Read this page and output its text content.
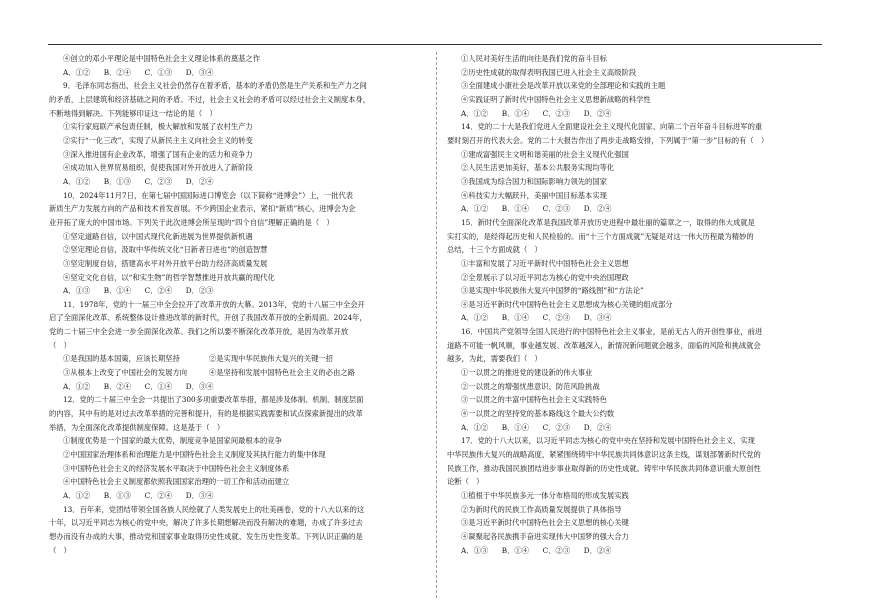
④创立的邓小平理论是中国特色社会主义理论体系的奠基之作
A．①②　 B．②④　 C．①③　 D．③④
9．毛泽东同志指出，社会主义社会仍然存在着矛盾，基本的矛盾仍然是生产关系和生产力之间
的矛盾，上层建筑和经济基础之间的矛盾。不过，社会主义社会的矛盾可以经过社会主义制度本身，
不断地得到解决。下列能够印证这一结论的是（　）
①实行家庭联产承包责任制，极大解放和发展了农村生产力
②实行“一化三改”，实现了从新民主主义向社会主义的转变
③深入推进国有企业改革，增强了国有企业的活力和竞争力
④成功加入世界贸易组织，促使我国对外开放进入了新阶段
A．①②　 B．①③　 C．②③　 D．②④
10．2024年11月7日，在第七届中国国际进口博览会（以下简称“进博会”）上，一批代表
新质生产力发展方向的产品和技术首发首展。不少跨国企业表示，紧扣“新质”核心，进博会为企
业开拓了庞大的中国市场。下列关于此次进博会所呈现的“四个自信”理解正确的是（　）
①坚定道路自信，以中国式现代化新进展为世界提供新机遇
②坚定理论自信，汲取中华传统文化“日新者日进也”的创造智慧
③坚定制度自信，搭建高水平对外开放平台助力经济高质量发展
④坚定文化自信，以“和实生物”的哲学智慧推进开放共赢的现代化
A．①③　 B．①④　 C．②④　 D．②③
11．1978年，党的十一届三中全会拉开了改革开放的大幕。2013年，党的十八届三中全会开
启了全面深化改革、系统整体设计推进改革的新时代，开创了我国改革开放的全新局面。2024年，
党的二十届三中全会进一步全面深化改革。我们之所以要不断深化改革开放，是因为改革开放
（　）
①是我国的基本国策，应该长期坚持　　　　②是实现中华民族伟大复兴的关键一招
③从根本上改变了中国社会的发展方向　　　④是坚持和发展中国特色社会主义的必由之路
A．①②　 B．②④　 C．①④　 D．③④
12．党的二十届三中全会一共提出了300多项重要改革举措，都是涉及体制、机制、制度层面
的内容，其中有的是对过去改革举措的完善和提升，有的是根据实践需要和试点探索新提出的改革
举措，为全面深化改革提供制度保障。这是基于（　）
①制度优势是一个国家的最大优势，制度竞争是国家间最根本的竞争
②中国国家治理体系和治理能力是中国特色社会主义制度及其执行能力的集中体现
③中国特色社会主义的经济发展水平取决于中国特色社会主义制度体系
④中国特色社会主义制度都依照我国国家治理的一切工作和活动而建立
A．①②　 B．①③　 C．②④　 D．③④
13．百年来，党团结带领全国各族人民绘就了人类发展史上的壮美画卷，党的十八大以来的这
十年，以习近平同志为核心的党中央，解决了许多长期想解决而没有解决的难题，办成了许多过去
想办而没有办成的大事，推动党和国家事业取得历史性成就、发生历史性变革。下列认识正确的是
（　）
①人民对美好生活的向往是我们党的奋斗目标
②历史性成就的取得表明我国已进入社会主义高级阶段
③全面建成小康社会是改革开放以来党的全部理论和实践的主题
④实践证明了新时代中国特色社会主义思想新战略的科学性
A．①②　 B．①④　 C．②③　 D．②④
14．党的二十大是我们党进入全面建设社会主义现代化国家、向第二个百年奋斗目标进军的重
要时刻召开的代表大会。党的二十大报告作出了两步走战略安排，下列属于“第一步”目标的有（　）
①建成富强民主文明和谐美丽的社会主义现代化强国
②人民生活更加美好，基本公共服务实现均等化
③我国成为综合国力和国际影响力领先的国家
④科技实力大幅跃升，美丽中国目标基本实现
A．①②　 B．①④　 C．②③　 D．②④
15．新时代全面深化改革是我国改革开放历史进程中最壮丽的篇章之一，取得的伟大成就是
实打实的，是经得起历史和人民检验的。而“十三个方面成就”无疑是对这一伟大历程最为精妙的
总结，十三个方面成就（　）
①丰富和发展了习近平新时代中国特色社会主义思想
②全景展示了以习近平同志为核心的党中央治国理政
③是实现中华民族伟大复兴中国梦的“路线图”和“方法论”
④是习近平新时代中国特色社会主义思想成为核心关键的组成部分
A．①②　 B．①④　 C．②③　 D．③④
16．中国共产党领导全国人民进行的中国特色社会主义事业，是前无古人的开创性事业，前进
道路不可能一帆风顺，事业越发展、改革越深入，新情况新问题就会越多，面临的风险和挑战就会
越多，为此，需要我们（　）
①一以贯之的推进党的建设新的伟大事业
②一以贯之的增强忧患意识、防范风险挑战
③一以贯之的丰富中国特色社会主义实践特色
④一以贯之的坚持党的基本路线这个最大公约数
A．①②　 B．①④　 C．②③　 D．②④
17．党的十八大以来，以习近平同志为核心的党中央在坚持和发展中国特色社会主义、实现
中华民族伟大复兴的战略高度，紧紧围绕铸牢中华民族共同体意识这条主线，谋划部署新时代党的
民族工作，推动我国民族团结进步事业取得新的历史性成就。铸牢中华民族共同体意识重大原创性
论断（　）
①植根于中华民族多元一体分布格局的形成发展实践
②为新时代的民族工作高质量发展提供了具体指导
③是习近平新时代中国特色社会主义思想的核心关键
④凝聚起各民族携手奋进实现伟大中国梦的强大合力
A．①③　 B．①④　 C．②③　 D．②④
